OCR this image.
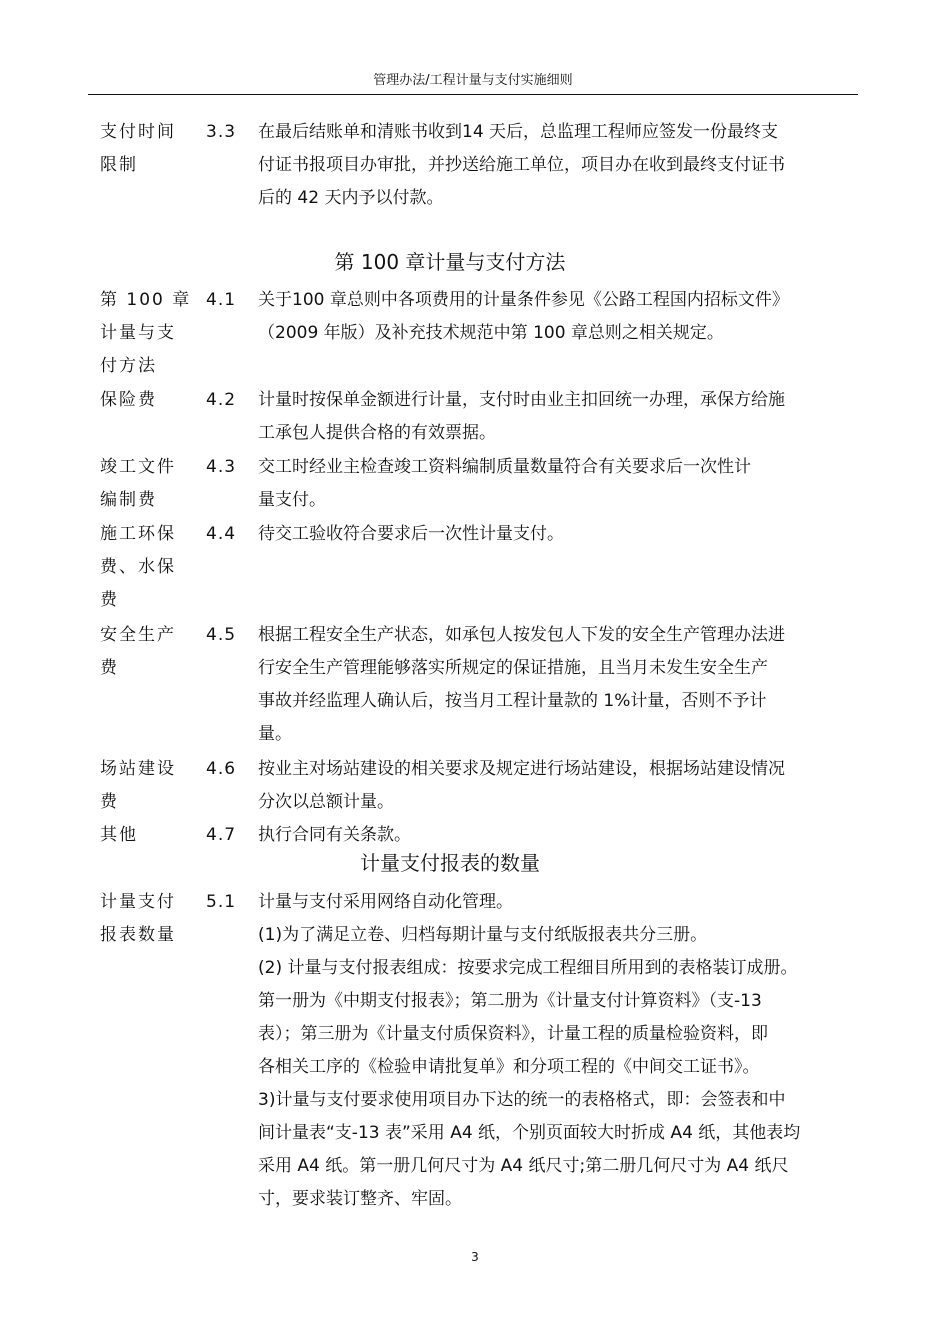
管理办法/工程计量与支付实施细则
支付时间
限制
3.3 在最后结账单和清账书收到14 天后，总监理工程师应签发一份最终支
付证书报项目办审批，并抄送给施工单位，项目办在收到最终支付证书
后的 42 天内予以付款。
第 100 章计量与支付方法
第 100 章
计量与支
付方法
4.1 关于100 章总则中各项费用的计量条件参见《公路工程国内招标文件》
（2009 年版）及补充技术规范中第 100 章总则之相关规定。
保险费	4.2 计量时按保单金额进行计量，支付时由业主扣回统一办理，承保方给施
工承包人提供合格的有效票据。
竣工文件
编制费
4.3 交工时经业主检查竣工资料编制质量数量符合有关要求后一次性计
量支付。
施工环保
费、水保
费
4.4 待交工验收符合要求后一次性计量支付。
安全生产
费
4.5 根据工程安全生产状态，如承包人按发包人下发的安全生产管理办法进
行安全生产管理能够落实所规定的保证措施，且当月未发生安全生产
事故并经监理人确认后，按当月工程计量款的 1%计量，否则不予计
量。
场站建设
费
4.6 按业主对场站建设的相关要求及规定进行场站建设，根据场站建设情况
分次以总额计量。
其他	4.7 执行合同有关条款。
计量支付报表的数量
计量支付
报表数量
5.1 计量与支付采用网络自动化管理。
(1)为了满足立卷、归档每期计量与支付纸版报表共分三册。
(2) 计量与支付报表组成：按要求完成工程细目所用到的表格装订成册。
第一册为《中期支付报表》；第二册为《计量支付计算资料》（支-13
表）；第三册为《计量支付质保资料》，计量工程的质量检验资料，即
各相关工序的《检验申请批复单》和分项工程的《中间交工证书》。
3)计量与支付要求使用项目办下达的统一的表格格式，即：会签表和中
间计量表“支-13 表”采用 A4 纸，个别页面较大时折成 A4 纸，其他表均
采用 A4 纸。第一册几何尺寸为 A4 纸尺寸;第二册几何尺寸为 A4 纸尺
寸，要求装订整齐、牢固。
3
